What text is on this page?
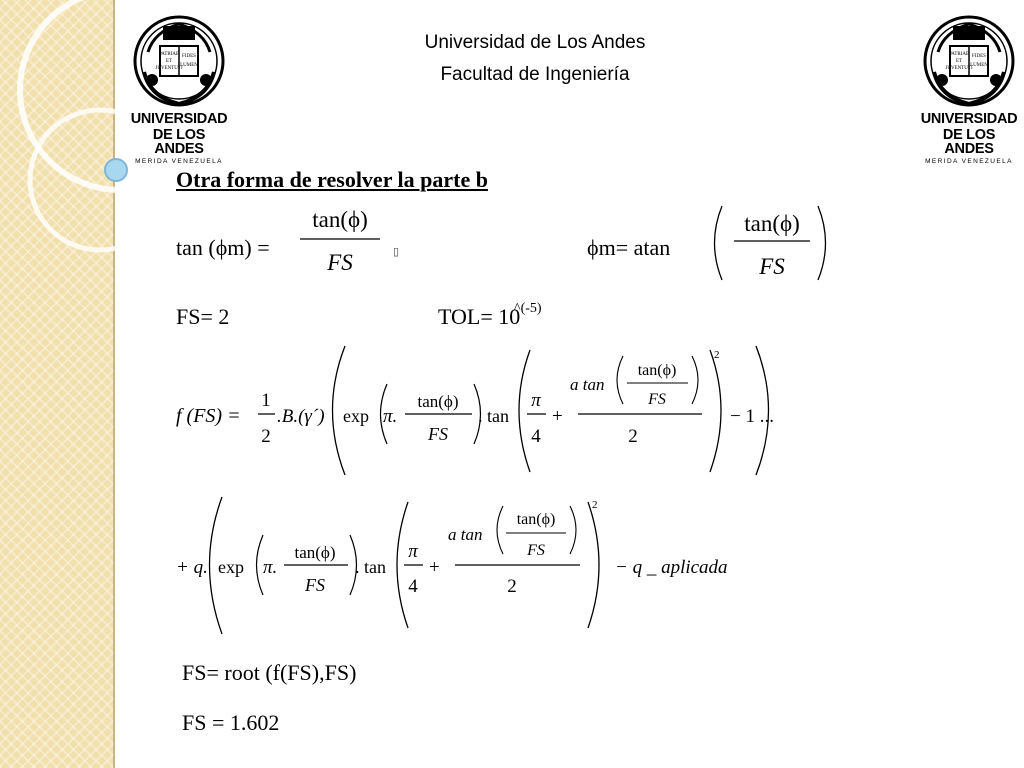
PATRIAE
ET
JUVENTUTI
FIDES
LUMEN
UNIVERSIDAD
DE LOS ANDES
MERIDA VENEZUELA
PATRIAE
ET
JUVENTUTI
FIDES
LUMEN
UNIVERSIDAD
DE LOS ANDES
MERIDA VENEZUELA
Universidad de Los Andes
Facultad de Ingeniería
Otra forma de resolver la parte b
tan (ϕm) =	▯	ϕm= atan
FS= 2	TOL= 10
^(-5)
FS= root (f(FS),FS)
FS = 1.602
tan(ϕ)
FS
tan(ϕ)
FS
f (FS) =
1
2
.B.(γ´) exp π.
tan(ϕ)
FS
. tan
π
4
+
a tan
tan(ϕ)
FS
2
2
− 1 ...
+ q. exp π.
tan(ϕ)
FS
. tan
π
4
+
a tan
tan(ϕ)
FS
2
2
− q _ aplicada
